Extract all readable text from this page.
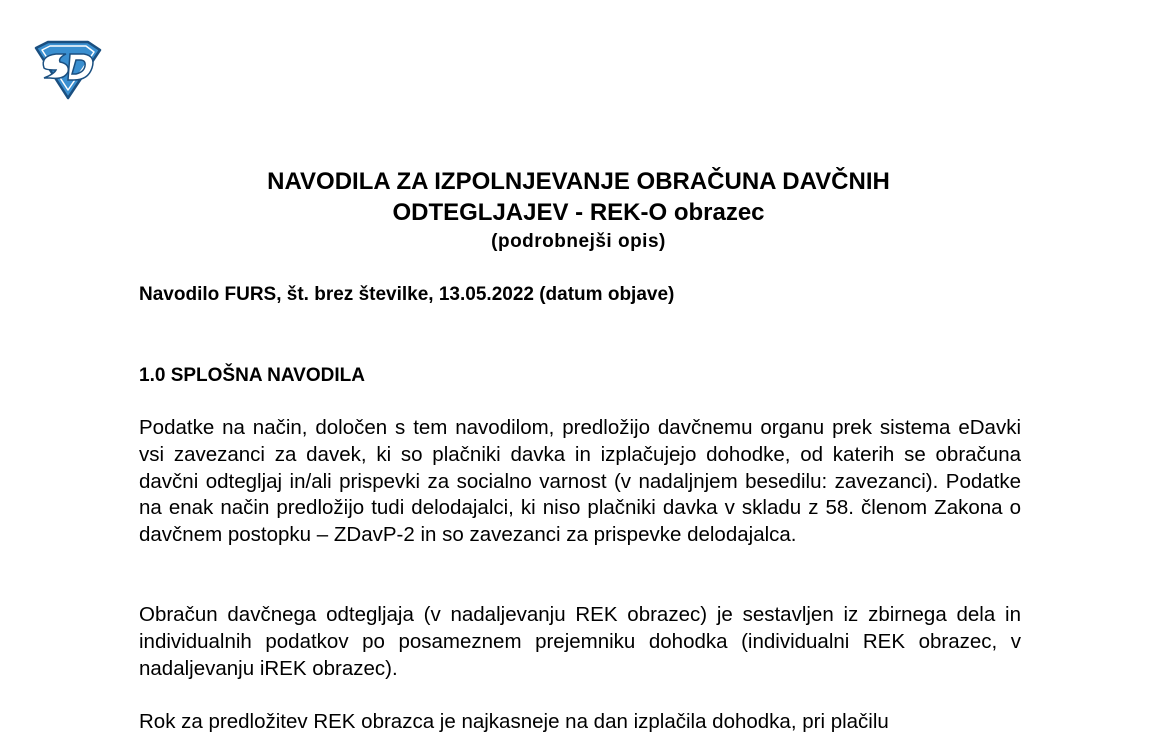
NAVODILA ZA IZPOLNJEVANJE OBRAČUNA DAVČNIH
ODTEGLJAJEV - REK-O obrazec
(podrobnejši opis)
Navodilo FURS, št. brez številke, 13.05.2022 (datum objave)
1.0 SPLOŠNA NAVODILA

Podatke na način, določen s tem navodilom, predložijo davčnemu organu prek sistema eDavki vsi zavezanci za davek, ki so plačniki davka in izplačujejo dohodke, od katerih se obračuna davčni odtegljaj in/ali prispevki za socialno varnost (v nadaljnjem besedilu: zavezanci). Podatke na enak način predložijo tudi delodajalci, ki niso plačniki davka v skladu z 58. členom Zakona o davčnem postopku – ZDavP-2 in so zavezanci za prispevke delodajalca.

Obračun davčnega odtegljaja (v nadaljevanju REK obrazec) je sestavljen iz zbirnega dela in individualnih podatkov po posameznem prejemniku dohodka (individualni REK obrazec, v nadaljevanju iREK obrazec).

Rok za predložitev REK obrazca je najkasneje na dan izplačila dohodka, pri plačilu
